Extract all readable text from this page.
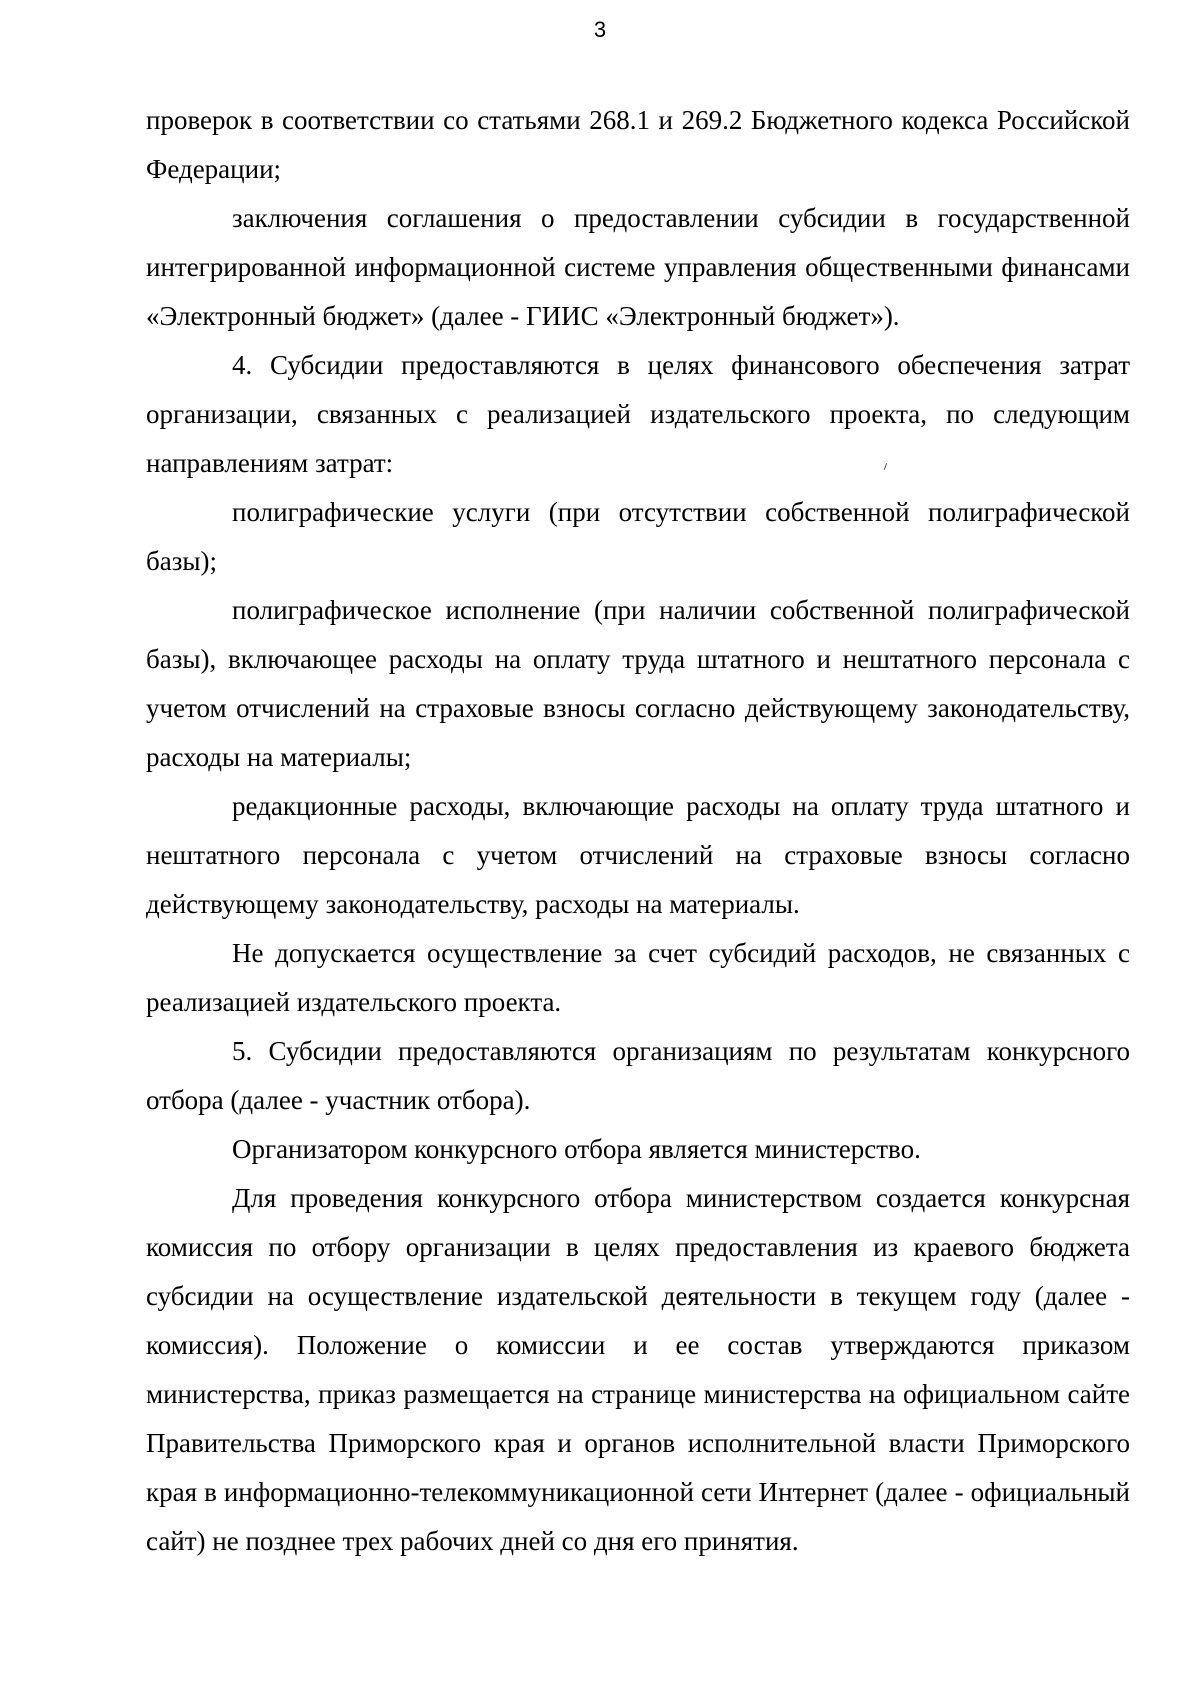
3

проверок в соответствии со статьями 268.1 и 269.2 Бюджетного кодекса Российской Федерации;

заключения соглашения о предоставлении субсидии в государственной интегрированной информационной системе управления общественными финансами «Электронный бюджет» (далее - ГИИС «Электронный бюджет»).

4. Субсидии предоставляются в целях финансового обеспечения затрат организации, связанных с реализацией издательского проекта, по следующим направлениям затрат:

полиграфические услуги (при отсутствии собственной полиграфической базы);

полиграфическое исполнение (при наличии собственной полиграфической базы), включающее расходы на оплату труда штатного и нештатного персонала с учетом отчислений на страховые взносы согласно действующему законодательству, расходы на материалы;

редакционные расходы, включающие расходы на оплату труда штатного и нештатного персонала с учетом отчислений на страховые взносы согласно действующему законодательству, расходы на материалы.

Не допускается осуществление за счет субсидий расходов, не связанных с реализацией издательского проекта.

5. Субсидии предоставляются организациям по результатам конкурсного отбора (далее - участник отбора).

Организатором конкурсного отбора является министерство.

Для проведения конкурсного отбора министерством создается конкурсная комиссия по отбору организации в целях предоставления из краевого бюджета субсидии на осуществление издательской деятельности в текущем году (далее - комиссия). Положение о комиссии и ее состав утверждаются приказом министерства, приказ размещается на странице министерства на официальном сайте Правительства Приморского края и органов исполнительной власти Приморского края в информационно-телекоммуникационной сети Интернет (далее - официальный сайт) не позднее трех рабочих дней со дня его принятия.
